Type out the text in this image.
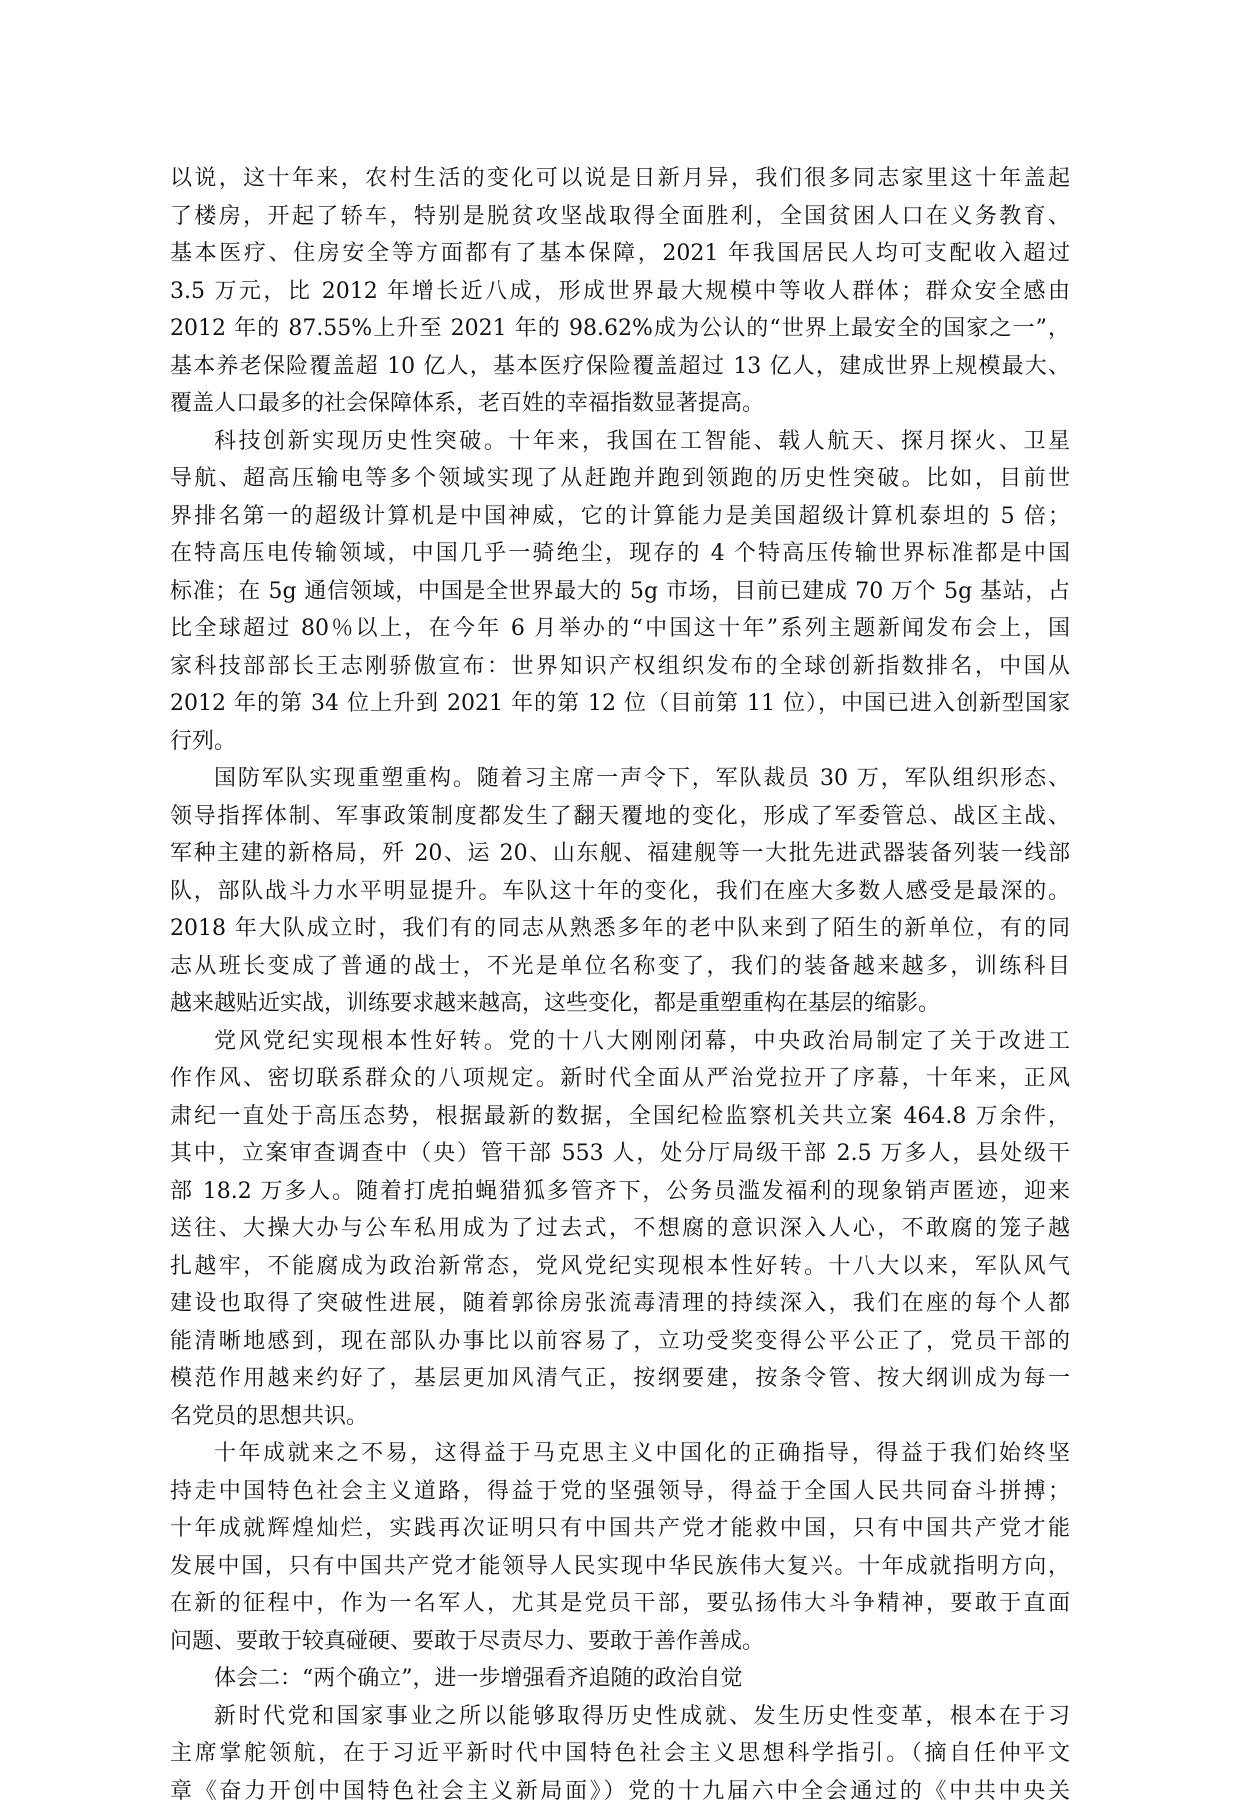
以说，这十年来，农村生活的变化可以说是日新月异，我们很多同志家里这十年盖起
了楼房，开起了轿车，特别是脱贫攻坚战取得全面胜利，全国贫困人口在义务教育、
基本医疗、住房安全等方面都有了基本保障，2021 年我国居民人均可支配收入超过
3.5 万元，比 2012 年增长近八成，形成世界最大规模中等收人群体；群众安全感由
2012 年的 87.55%上升至 2021 年的 98.62%成为公认的“世界上最安全的国家之一”，
基本养老保险覆盖超 10 亿人，基本医疗保险覆盖超过 13 亿人，建成世界上规模最大、
覆盖人口最多的社会保障体系，老百姓的幸福指数显著提高。
科技创新实现历史性突破。十年来，我国在工智能、载人航天、探月探火、卫星
导航、超高压输电等多个领域实现了从赶跑并跑到领跑的历史性突破。比如，目前世
界排名第一的超级计算机是中国神威，它的计算能力是美国超级计算机泰坦的 5 倍；
在特高压电传输领域，中国几乎一骑绝尘，现存的 4 个特高压传输世界标准都是中国
标准；在 5g 通信领域，中国是全世界最大的 5g 市场，目前已建成 70 万个 5g 基站，占
比全球超过 80％以上，在今年 6 月举办的“中国这十年”系列主题新闻发布会上，国
家科技部部长王志刚骄傲宣布：世界知识产权组织发布的全球创新指数排名，中国从
2012 年的第 34 位上升到 2021 年的第 12 位（目前第 11 位），中国已进入创新型国家
行列。
国防军队实现重塑重构。随着习主席一声令下，军队裁员 30 万，军队组织形态、
领导指挥体制、军事政策制度都发生了翻天覆地的变化，形成了军委管总、战区主战、
军种主建的新格局，歼 20、运 20、山东舰、福建舰等一大批先进武器装备列装一线部
队，部队战斗力水平明显提升。车队这十年的变化，我们在座大多数人感受是最深的。
2018 年大队成立时，我们有的同志从熟悉多年的老中队来到了陌生的新单位，有的同
志从班长变成了普通的战士，不光是单位名称变了，我们的装备越来越多，训练科目
越来越贴近实战，训练要求越来越高，这些变化，都是重塑重构在基层的缩影。
党风党纪实现根本性好转。党的十八大刚刚闭幕，中央政治局制定了关于改进工
作作风、密切联系群众的八项规定。新时代全面从严治党拉开了序幕，十年来，正风
肃纪一直处于高压态势，根据最新的数据，全国纪检监察机关共立案 464.8 万余件，
其中，立案审查调查中（央）管干部 553 人，处分厅局级干部 2.5 万多人，县处级干
部 18.2 万多人。随着打虎拍蝇猎狐多管齐下，公务员滥发福利的现象销声匿迹，迎来
送往、大操大办与公车私用成为了过去式，不想腐的意识深入人心，不敢腐的笼子越
扎越牢，不能腐成为政治新常态，党风党纪实现根本性好转。十八大以来，军队风气
建设也取得了突破性进展，随着郭徐房张流毒清理的持续深入，我们在座的每个人都
能清晰地感到，现在部队办事比以前容易了，立功受奖变得公平公正了，党员干部的
模范作用越来约好了，基层更加风清气正，按纲要建，按条令管、按大纲训成为每一
名党员的思想共识。
十年成就来之不易，这得益于马克思主义中国化的正确指导，得益于我们始终坚
持走中国特色社会主义道路，得益于党的坚强领导，得益于全国人民共同奋斗拼搏；
十年成就辉煌灿烂，实践再次证明只有中国共产党才能救中国，只有中国共产党才能
发展中国，只有中国共产党才能领导人民实现中华民族伟大复兴。十年成就指明方向，
在新的征程中，作为一名军人，尤其是党员干部，要弘扬伟大斗争精神，要敢于直面
问题、要敢于较真碰硬、要敢于尽责尽力、要敢于善作善成。
体会二：“两个确立”，进一步增强看齐追随的政治自觉
新时代党和国家事业之所以能够取得历史性成就、发生历史性变革，根本在于习
主席掌舵领航，在于习近平新时代中国特色社会主义思想科学指引。（摘自任仲平文
章《奋力开创中国特色社会主义新局面》）党的十九届六中全会通过的《中共中央关
